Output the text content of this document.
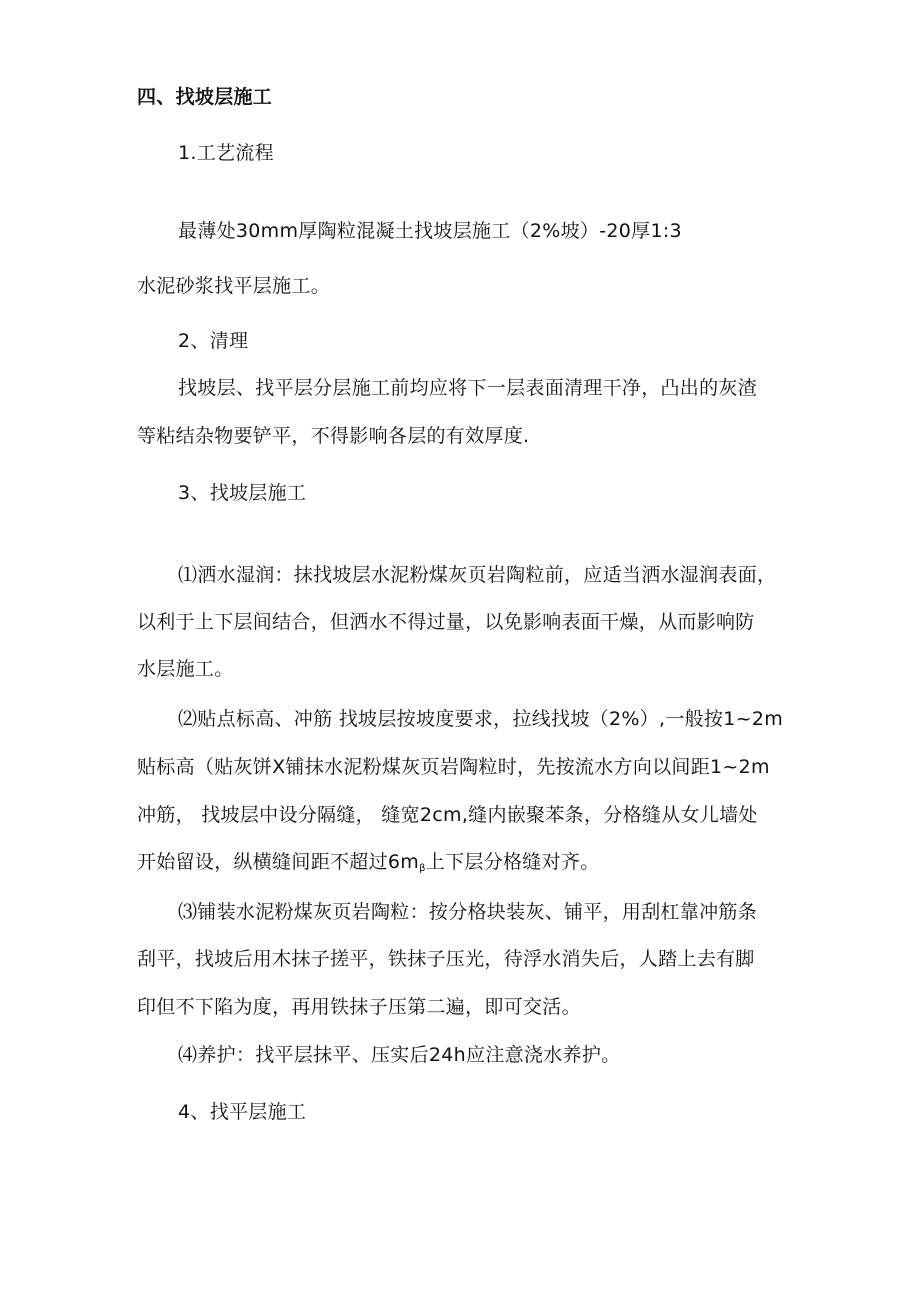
四、找坡层施工
1.工艺流程
最薄处30mm厚陶粒混凝土找坡层施工（2%坡）-20厚1:3
水泥砂浆找平层施工。
2、清理
找坡层、找平层分层施工前均应将下一层表面清理干净，凸出的灰渣
等粘结杂物要铲平，不得影响各层的有效厚度.
3、找坡层施工
⑴洒水湿润：抹找坡层水泥粉煤灰页岩陶粒前，应适当洒水湿润表面，
以利于上下层间结合，但洒水不得过量，以免影响表面干燥，从而影响防
水层施工。
⑵贴点标高、冲筋 找坡层按坡度要求，拉线找坡（2%）,一般按1~2m
贴标高（贴灰饼X铺抹水泥粉煤灰页岩陶粒时，先按流水方向以间距1~2m
冲筋， 找坡层中设分隔缝， 缝宽2cm,缝内嵌聚苯条，分格缝从女儿墙处
开始留设，纵横缝间距不超过$6m_\beta$上下层分格缝对齐。
⑶铺装水泥粉煤灰页岩陶粒：按分格块装灰、铺平，用刮杠靠冲筋条
刮平，找坡后用木抹子搓平，铁抹子压光，待浮水消失后，人踏上去有脚
印但不下陷为度，再用铁抹子压第二遍，即可交活。
⑷养护：找平层抹平、压实后24h应注意浇水养护。
4、找平层施工
